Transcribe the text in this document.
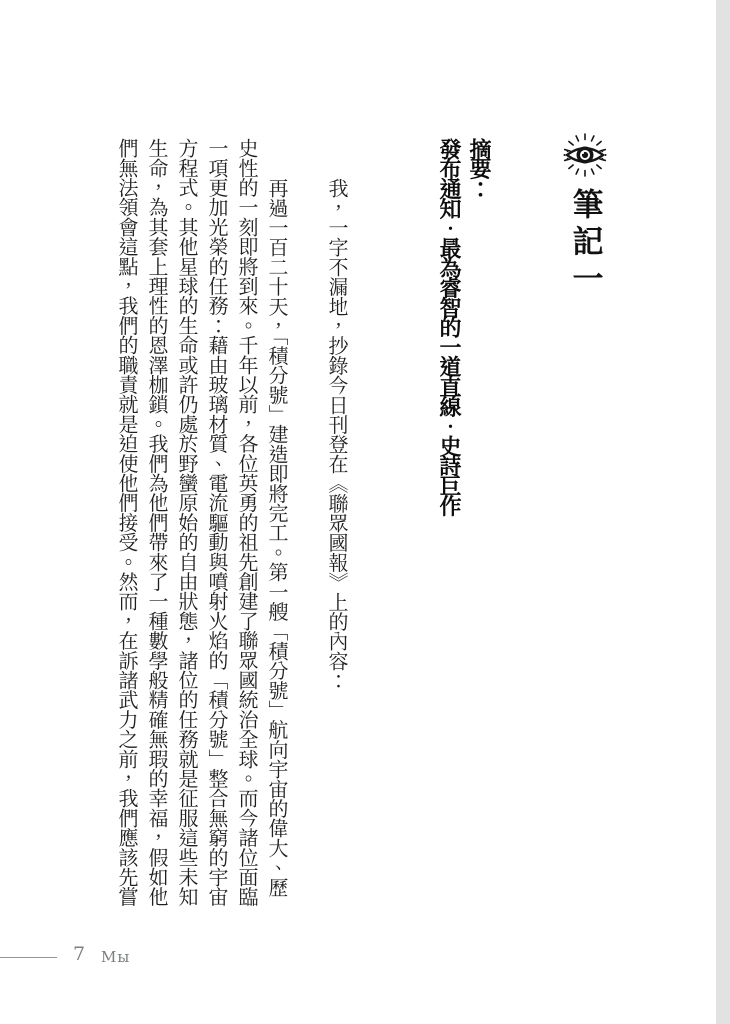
筆記一
摘要：
發布通知．最為睿智的一道直線．史詩巨作

我，一字不漏地，抄錄今日刊登在《聯眾國報》上的內容：

再過一百二十天，「積分號」建造即將完工。第一艘「積分號」航向宇宙的偉大、歷史性的一刻即將到來。千年以前，各位英勇的祖先創建了聯眾國統治全球。而今諸位面臨一項更加光榮的任務：藉由玻璃材質、電流驅動與噴射火焰的「積分號」整合無窮的宇宙方程式。其他星球的生命或許仍處於野蠻原始的自由狀態，諸位的任務就是征服這些未知生命，為其套上理性的恩澤枷鎖。我們為他們帶來了一種數學般精確無瑕的幸福，假如他們無法領會這點，我們的職責就是迫使他們接受。然而，在訴諸武力之前，我們應該先嘗

7 Мы
